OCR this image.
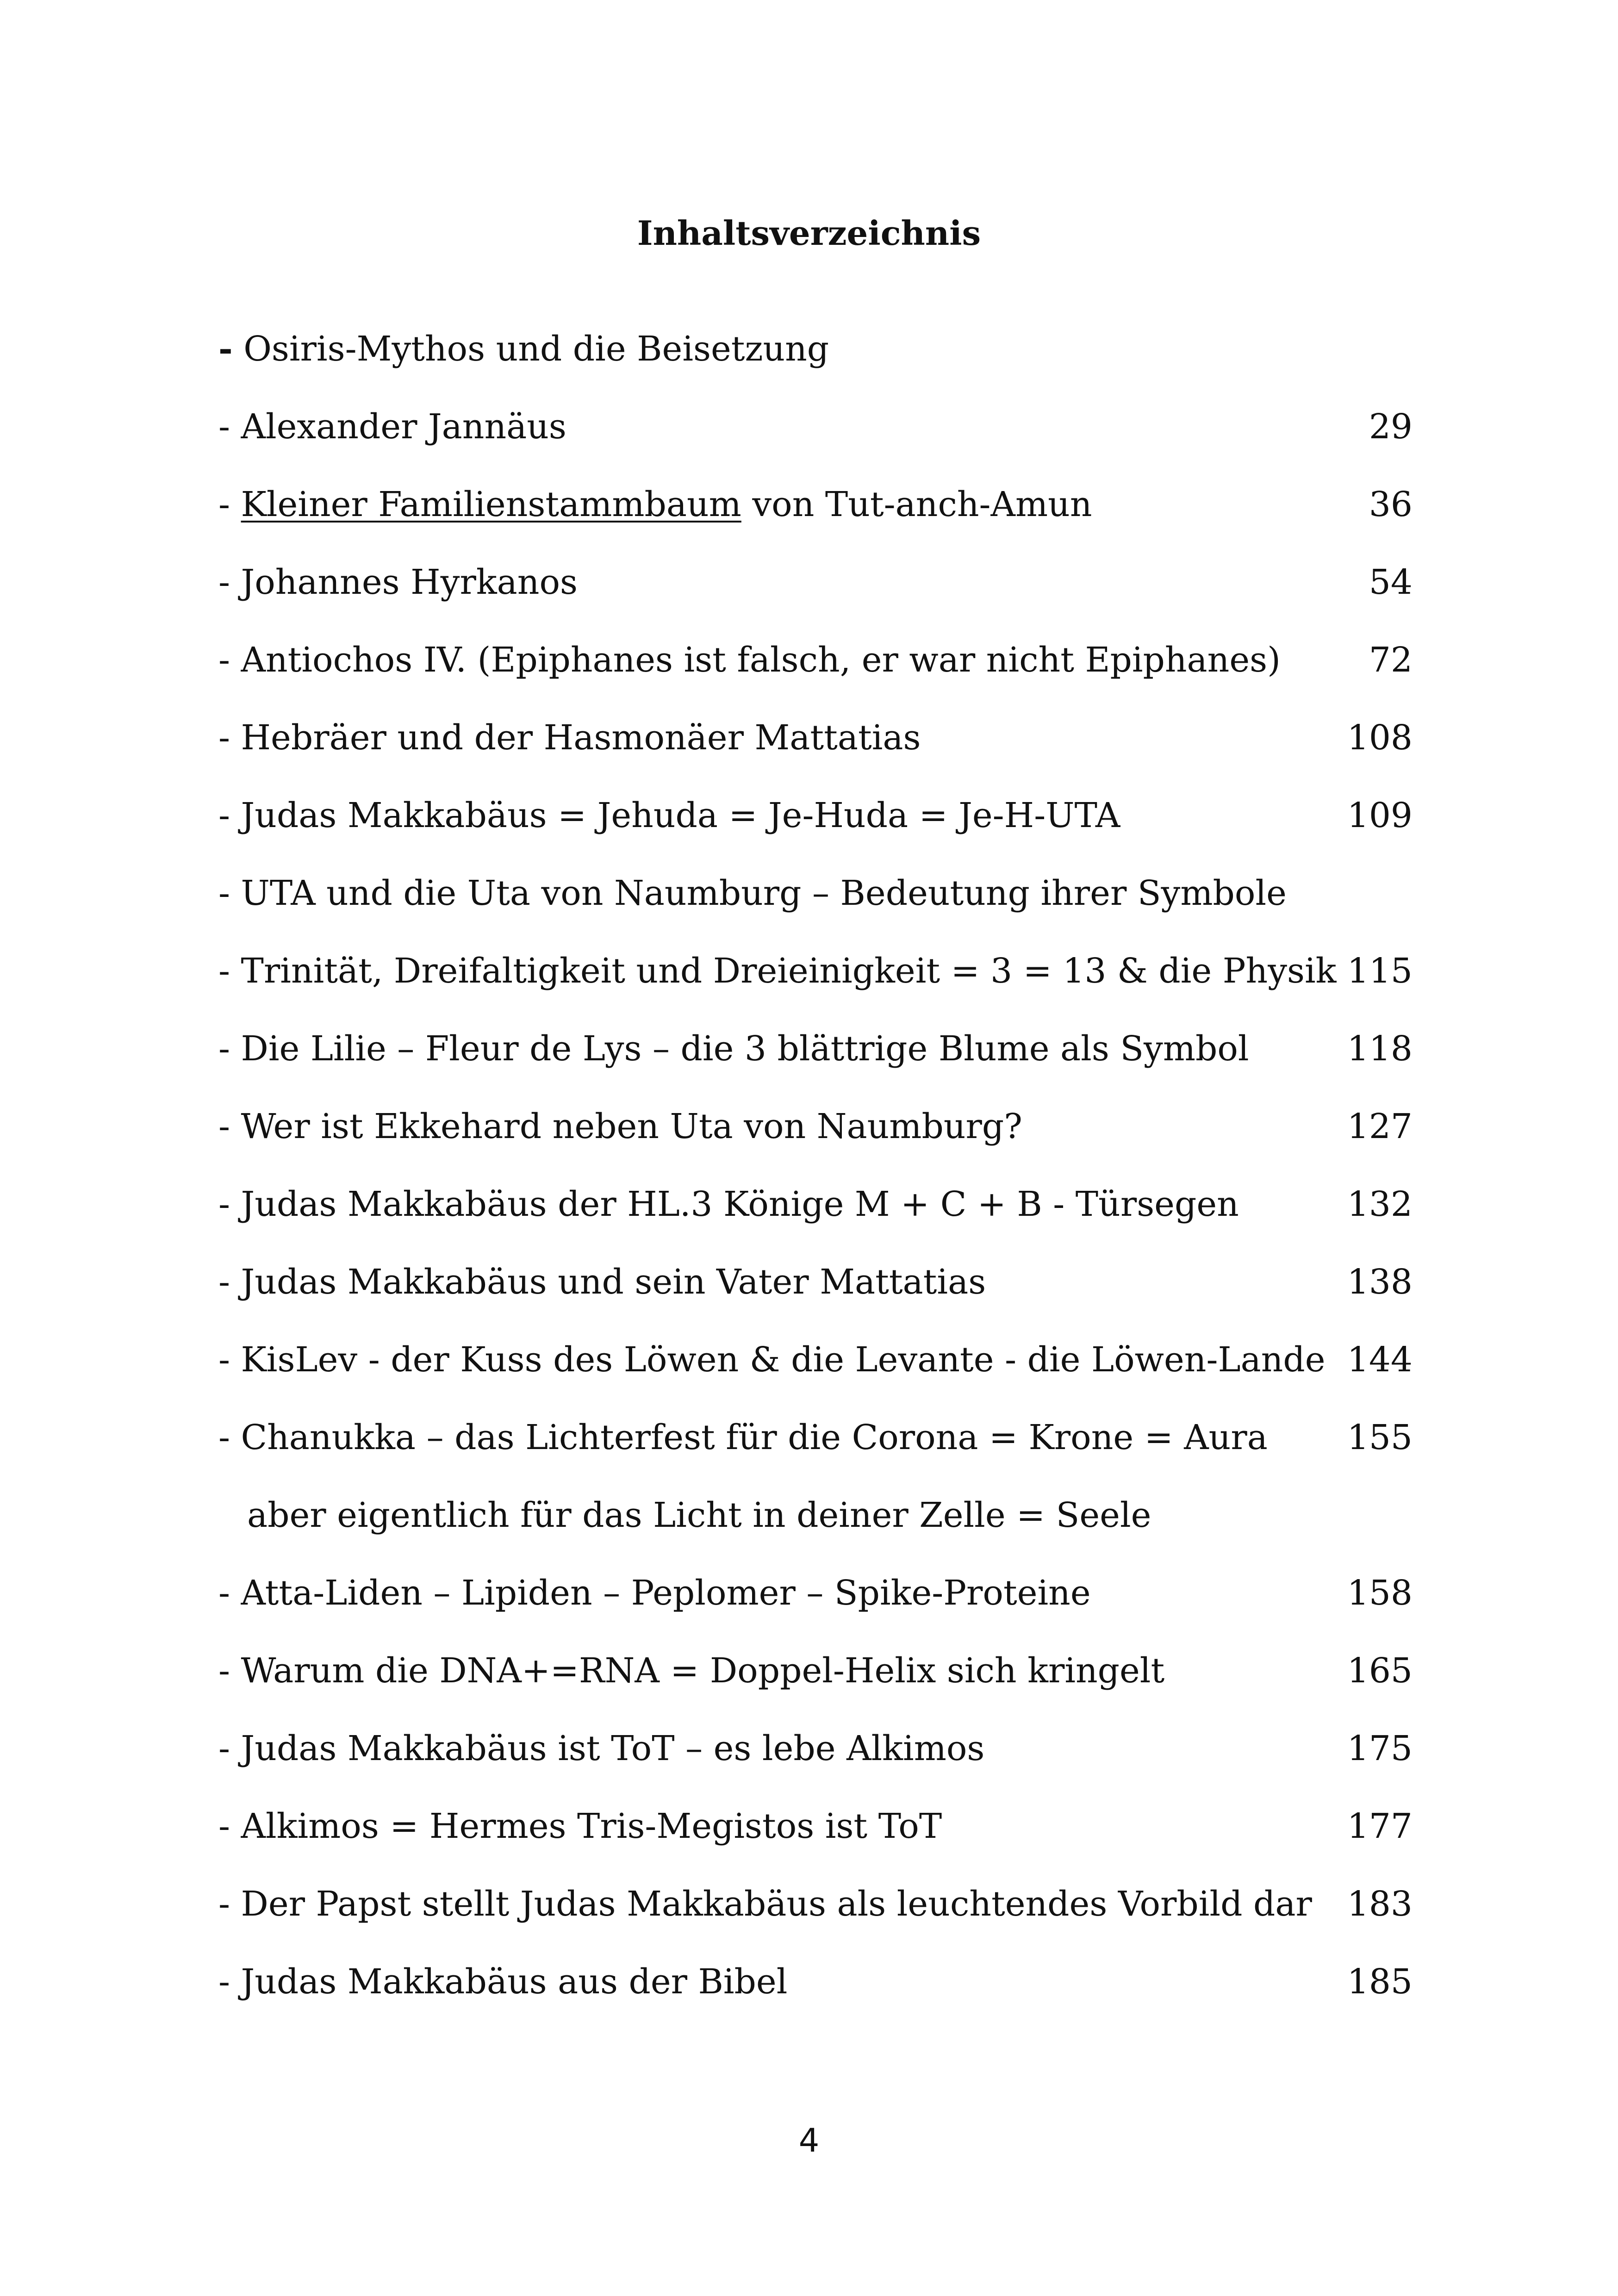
Inhaltsverzeichnis
- Osiris-Mythos und die Beisetzung
- Alexander Jannäus	29
- Kleiner Familienstammbaum von Tut-anch-Amun	36
- Johannes Hyrkanos	54
- Antiochos IV. (Epiphanes ist falsch, er war nicht Epiphanes)	72
- Hebräer und der Hasmonäer Mattatias	108
- Judas Makkabäus = Jehuda = Je-Huda = Je-H-UTA	109
- UTA und die Uta von Naumburg – Bedeutung ihrer Symbole
- Trinität, Dreifaltigkeit und Dreieinigkeit = 3 = 13 & die Physik 115
- Die Lilie – Fleur de Lys – die 3 blättrige Blume als Symbol	118
- Wer ist Ekkehard neben Uta von Naumburg?	127
- Judas Makkabäus der HL.3 Könige M + C + B - Türsegen	132
- Judas Makkabäus und sein Vater Mattatias	138
- KisLev - der Kuss des Löwen & die Levante - die Löwen-Lande 144
- Chanukka – das Lichterfest für die Corona = Krone = Aura 155
aber eigentlich für das Licht in deiner Zelle = Seele
- Atta-Liden – Lipiden – Peplomer – Spike-Proteine	158
- Warum die DNA+=RNA = Doppel-Helix sich kringelt	165
- Judas Makkabäus ist ToT – es lebe Alkimos	175
- Alkimos = Hermes Tris-Megistos ist ToT	177
- Der Papst stellt Judas Makkabäus als leuchtendes Vorbild dar 183
- Judas Makkabäus aus der Bibel	185
4
